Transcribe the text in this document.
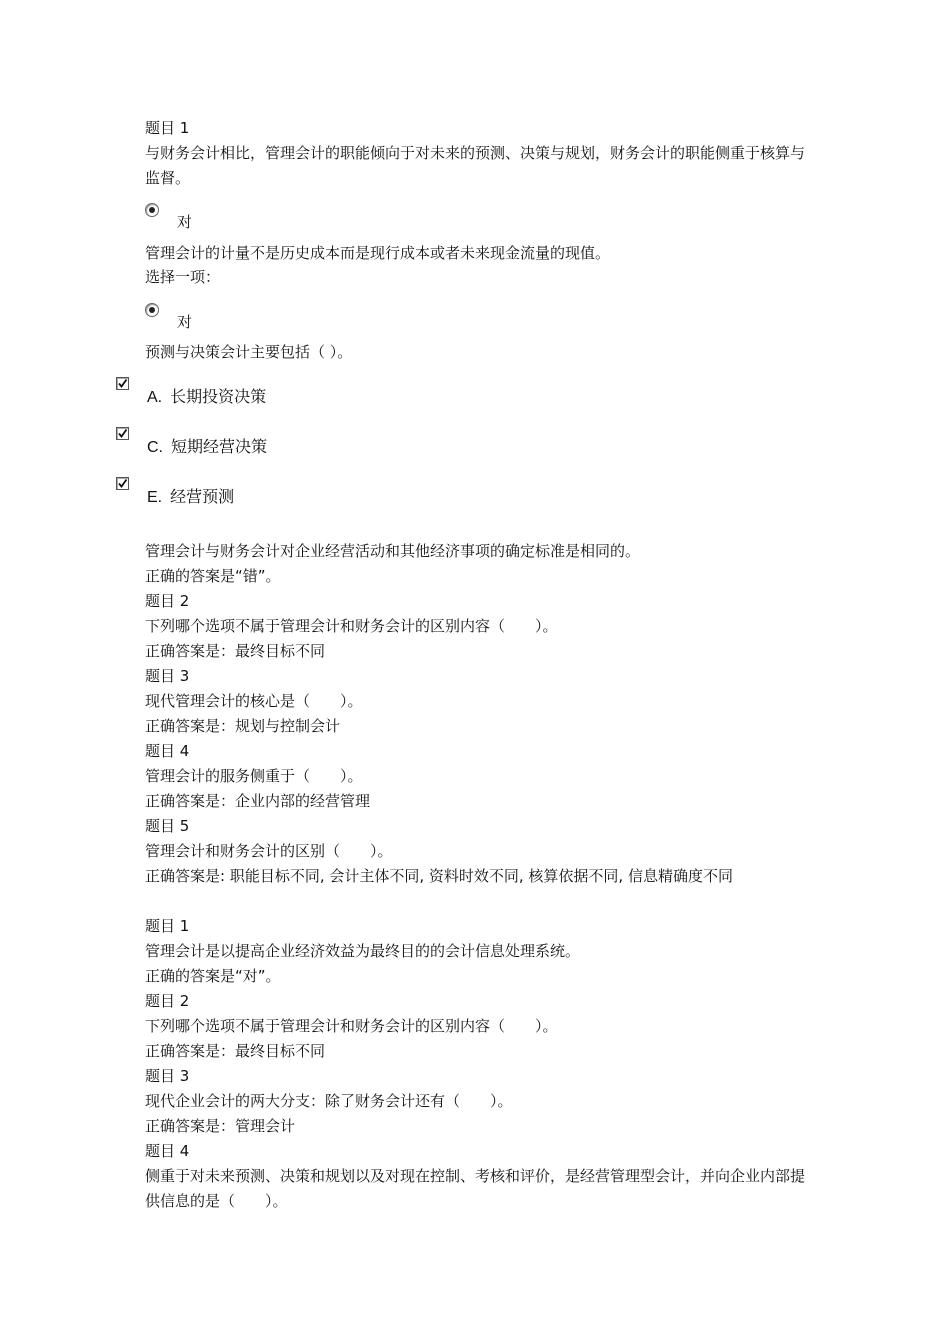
题目 1

与财务会计相比，管理会计的职能倾向于对未来的预测、决策与规划，财务会计的职能侧重于核算与监督。

对

管理会计的计量不是历史成本而是现行成本或者未来现金流量的现值。

选择一项：

对

预测与决策会计主要包括（ ）。

A. 长期投资决策
C. 短期经营决策
E. 经营预测

管理会计与财务会计对企业经营活动和其他经济事项的确定标准是相同的。

正确的答案是“错”。

题目 2

下列哪个选项不属于管理会计和财务会计的区别内容（　　）。

正确答案是：最终目标不同

题目 3

现代管理会计的核心是（　　）。

正确答案是：规划与控制会计

题目 4

管理会计的服务侧重于（　　）。

正确答案是：企业内部的经营管理

题目 5

管理会计和财务会计的区别（　　）。

正确答案是: 职能目标不同, 会计主体不同, 资料时效不同, 核算依据不同, 信息精确度不同

题目 1

管理会计是以提高企业经济效益为最终目的的会计信息处理系统。

正确的答案是“对”。

题目 2

下列哪个选项不属于管理会计和财务会计的区别内容（　　）。

正确答案是：最终目标不同

题目 3

现代企业会计的两大分支：除了财务会计还有（　　）。

正确答案是：管理会计

题目 4

侧重于对未来预测、决策和规划以及对现在控制、考核和评价，是经营管理型会计，并向企业内部提供信息的是（　　）。
